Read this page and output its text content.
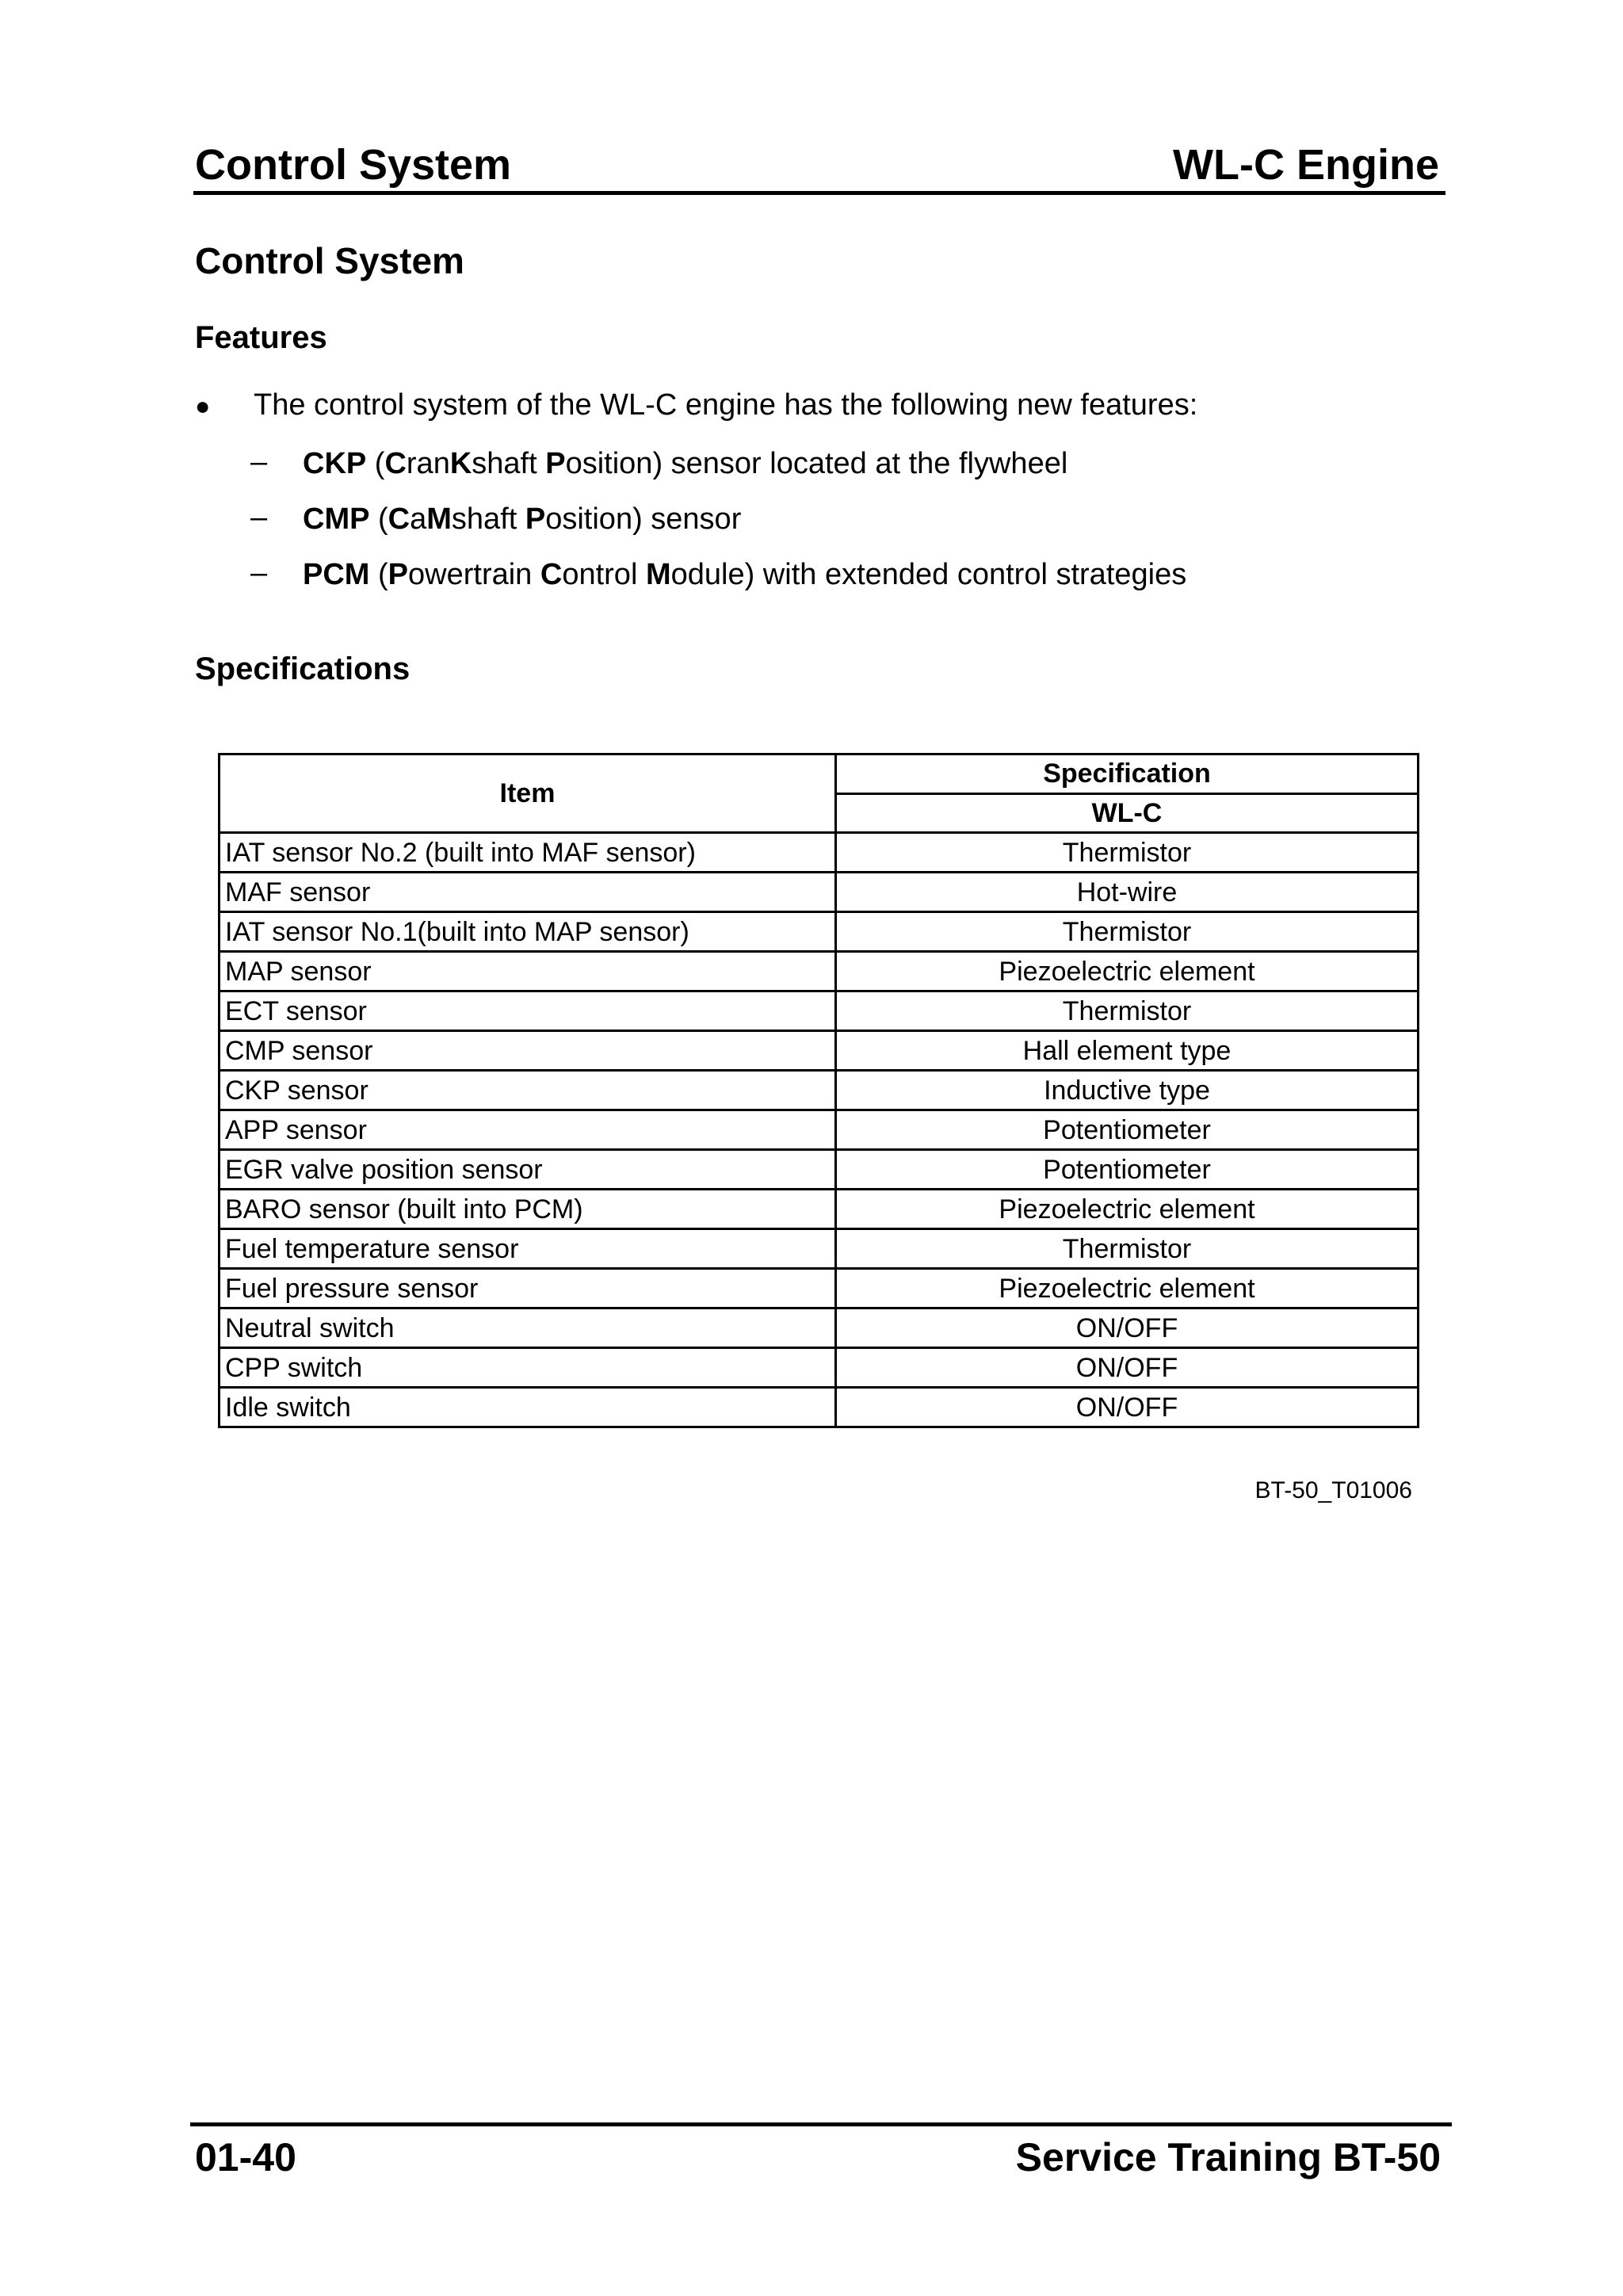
Control System	WL-C Engine
Control System
Features
● The control system of the WL-C engine has the following new features:
– CKP (CranKshaft Position) sensor located at the flywheel
– CMP (CaMshaft Position) sensor
– PCM (Powertrain Control Module) with extended control strategies
Specifications
Item	Specification
	WL-C
IAT sensor No.2 (built into MAF sensor)	Thermistor
MAF sensor	Hot-wire
IAT sensor No.1(built into MAP sensor)	Thermistor
MAP sensor	Piezoelectric element
ECT sensor	Thermistor
CMP sensor	Hall element type
CKP sensor	Inductive type
APP sensor	Potentiometer
EGR valve position sensor	Potentiometer
BARO sensor (built into PCM)	Piezoelectric element
Fuel temperature sensor	Thermistor
Fuel pressure sensor	Piezoelectric element
Neutral switch	ON/OFF
CPP switch	ON/OFF
Idle switch	ON/OFF
BT-50_T01006
01-40	Service Training BT-50
